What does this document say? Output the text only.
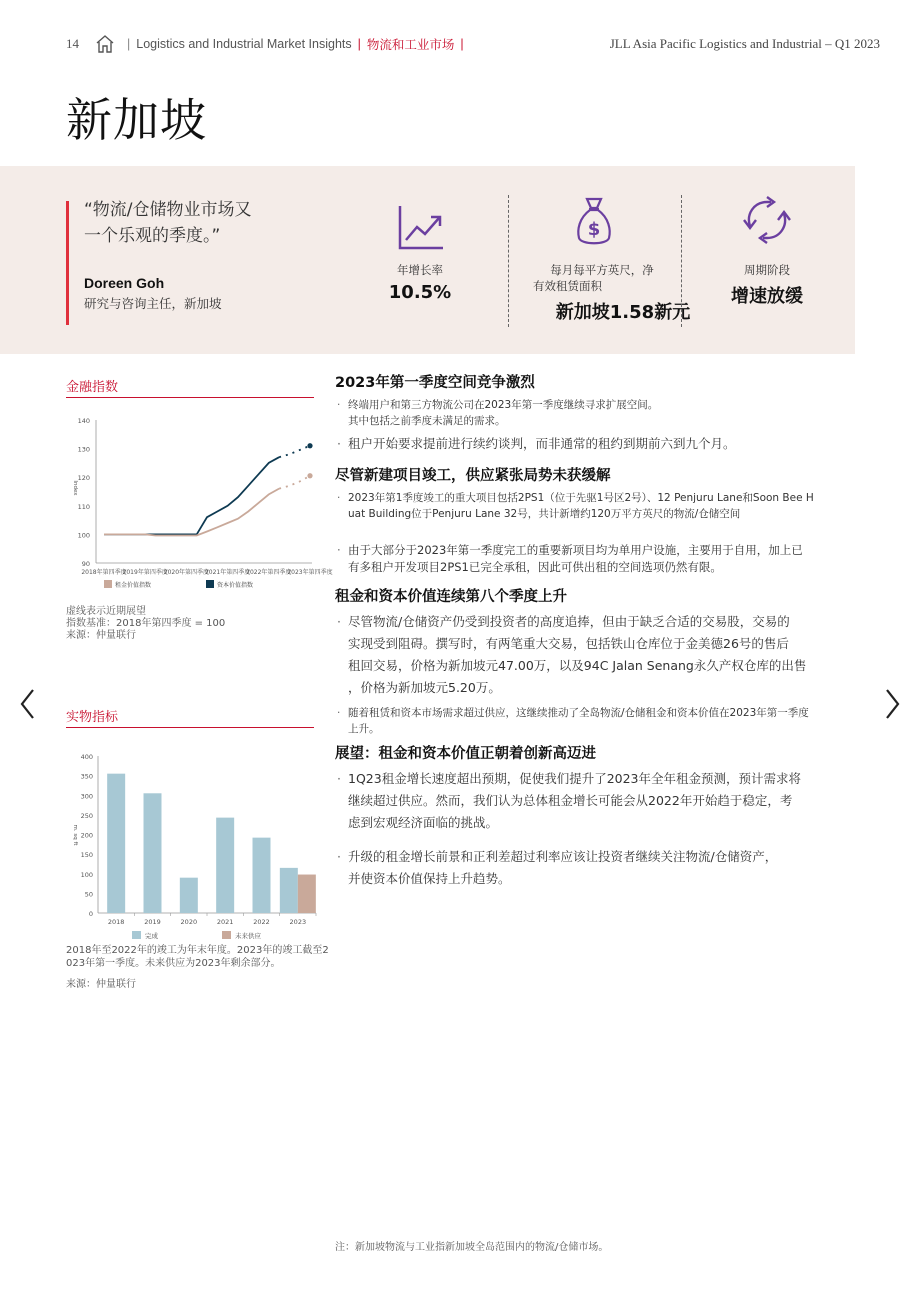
14	| Logistics and Industrial Market Insights | 物流和工业市场 |	JLL Asia Pacific Logistics and Industrial – Q1 2023
新加坡
“物流/仓储物业市场又
一个乐观的季度。”
Doreen Goh
研究与咨询主任，新加坡
年增长率
10.5%
$
每月每平方英尺，净
有效租赁面积
新加坡1.58新元
周期阶段
增速放缓
金融指数
90
100
110
120
130
140
Index
2018年第四季度
2019年第四季度
2020年第四季度
2021年第四季度
2022年第四季度
2023年第四季度
租金价值指数	资本价值指数
虚线表示近期展望
指数基准：2018年第四季度 = 100
来源：仲量联行
实物指标
0
50
100
150
200
250
300
350
400
m. sq ft
2018	2019	2020	2021	2022	2023
完成	未来供应
2018年至2022年的竣工为年末年度。2023年的竣工截至2
023年第一季度。未来供应为2023年剩余部分。
来源：仲量联行
2023年第一季度空间竞争激烈
· 终端用户和第三方物流公司在2023年第一季度继续寻求扩展空间。
其中包括之前季度未满足的需求。
· 租户开始要求提前进行续约谈判，而非通常的租约到期前六到九个月。
尽管新建项目竣工，供应紧张局势未获缓解
· 2023年第1季度竣工的重大项目包括2PS1（位于先驱1号区2号）、12 Penjuru Lane和Soon Bee H
uat Building位于Penjuru Lane 32号，共计新增约120万平方英尺的物流/仓储空间
· 由于大部分于2023年第一季度完工的重要新项目均为单用户设施，主要用于自用，加上已
有多租户开发项目2PS1已完全承租，因此可供出租的空间选项仍然有限。
租金和资本价值连续第八个季度上升
· 尽管物流/仓储资产仍受到投资者的高度追捧，但由于缺乏合适的交易股，交易的
实现受到阻碍。撰写时，有两笔重大交易，包括铁山仓库位于金美德26号的售后
租回交易，价格为新加坡元47.00万，以及94C Jalan Senang永久产权仓库的出售
，价格为新加坡元5.20万。
· 随着租赁和资本市场需求超过供应，这继续推动了全岛物流/仓储租金和资本价值在2023年第一季度
上升。
展望：租金和资本价值正朝着创新高迈进
· 1Q23租金增长速度超出预期，促使我们提升了2023年全年租金预测，预计需求将
继续超过供应。然而，我们认为总体租金增长可能会从2022年开始趋于稳定，考
虑到宏观经济面临的挑战。
· 升级的租金增长前景和正利差超过利率应该让投资者继续关注物流/仓储资产，
并使资本价值保持上升趋势。
注：新加坡物流与工业指新加坡全岛范围内的物流/仓储市场。
